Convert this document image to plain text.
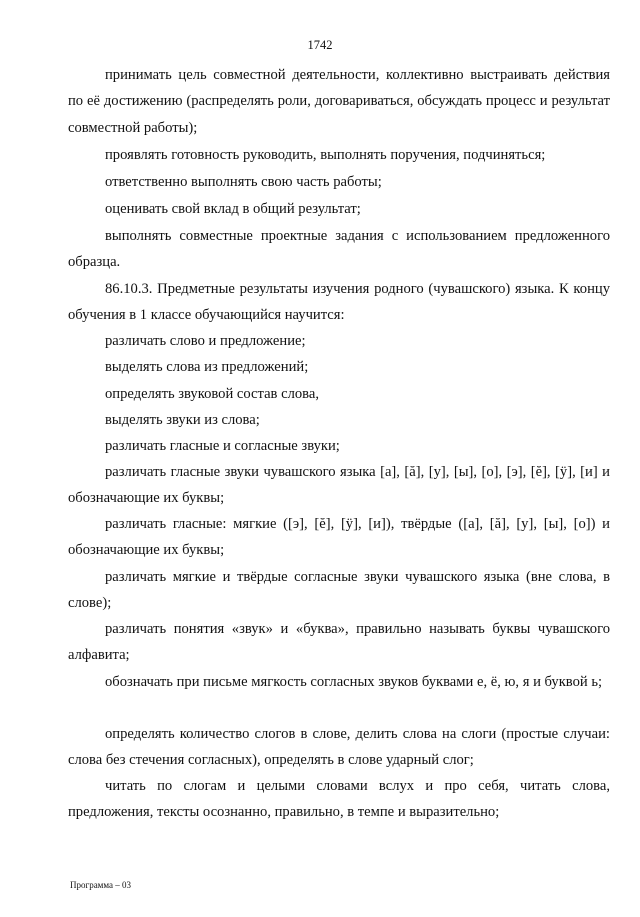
1742

принимать цель совместной деятельности, коллективно выстраивать действия по её достижению (распределять роли, договариваться, обсуждать процесс и результат совместной работы);

проявлять готовность руководить, выполнять поручения, подчиняться;

ответственно выполнять свою часть работы;

оценивать свой вклад в общий результат;

выполнять совместные проектные задания с использованием предложенного образца.

86.10.3. Предметные результаты изучения родного (чувашского) языка. К концу обучения в 1 классе обучающийся научится:

различать слово и предложение;

выделять слова из предложений;

определять звуковой состав слова,

выделять звуки из слова;

различать гласные и согласные звуки;

различать гласные звуки чувашского языка [а], [ă], [у], [ы], [о], [э], [ĕ], [ÿ], [и] и обозначающие их буквы;

различать гласные: мягкие ([э], [ĕ], [ÿ], [и]), твёрдые ([а], [ă], [у], [ы], [о]) и обозначающие их буквы;

различать мягкие и твёрдые согласные звуки чувашского языка (вне слова, в слове);

различать понятия «звук» и «буква», правильно называть буквы чувашского алфавита;

обозначать при письме мягкость согласных звуков буквами е, ё, ю, я и буквой ь;

определять количество слогов в слове, делить слова на слоги (простые случаи: слова без стечения согласных), определять в слове ударный слог;

читать по слогам и целыми словами вслух и про себя, читать слова, предложения, тексты осознанно, правильно, в темпе и выразительно;

Программа – 03
